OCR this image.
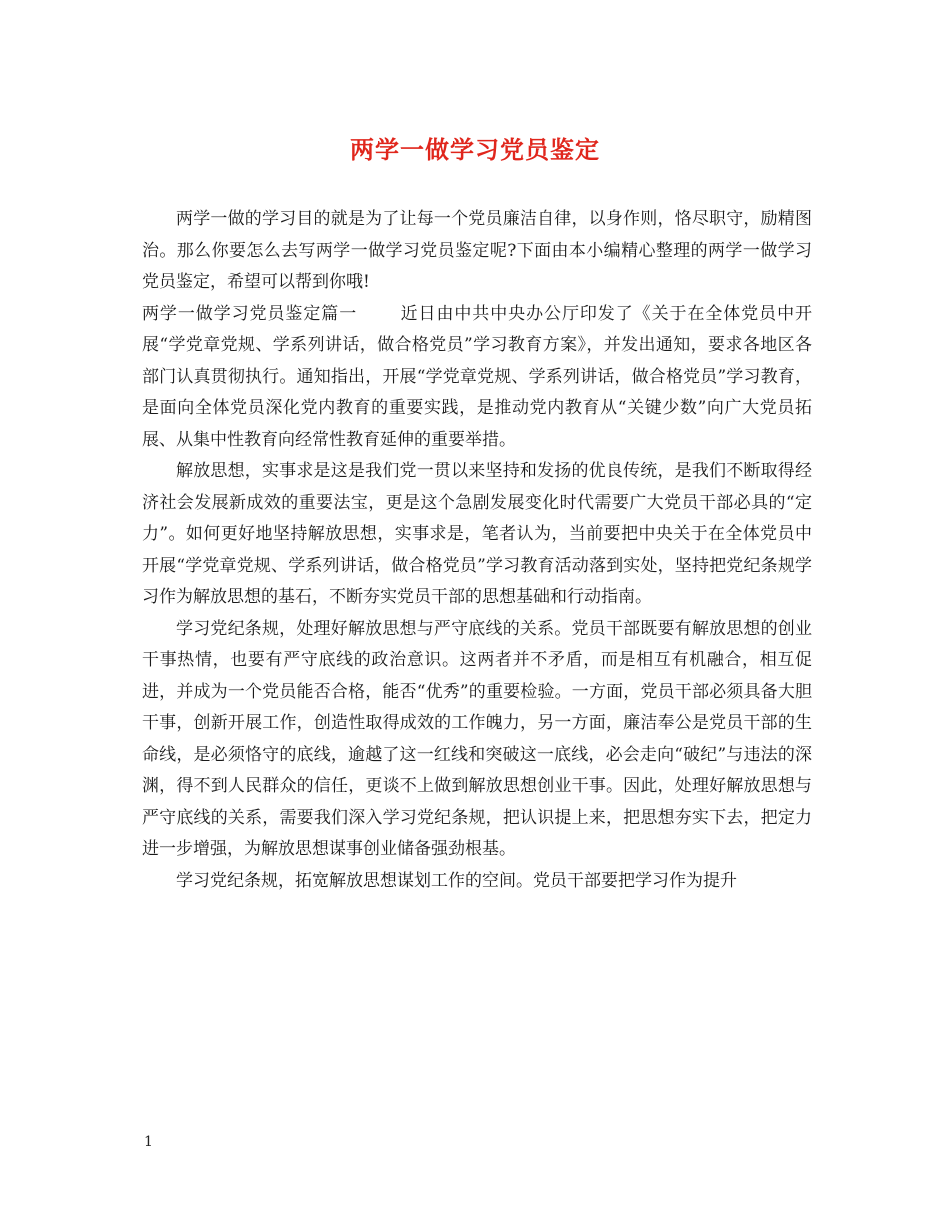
两学一做学习党员鉴定

两学一做的学习目的就是为了让每一个党员廉洁自律，以身作则，恪尽职守，励精图治。那么你要怎么去写两学一做学习党员鉴定呢?下面由本小编精心整理的两学一做学习党员鉴定，希望可以帮到你哦!

两学一做学习党员鉴定篇一	近日由中共中央办公厅印发了《关于在全体党员中开展“学党章党规、学系列讲话，做合格党员”学习教育方案》，并发出通知，要求各地区各部门认真贯彻执行。通知指出，开展“学党章党规、学系列讲话，做合格党员”学习教育，是面向全体党员深化党内教育的重要实践，是推动党内教育从“关键少数”向广大党员拓展、从集中性教育向经常性教育延伸的重要举措。

解放思想，实事求是这是我们党一贯以来坚持和发扬的优良传统，是我们不断取得经济社会发展新成效的重要法宝，更是这个急剧发展变化时代需要广大党员干部必具的“定力”。如何更好地坚持解放思想，实事求是，笔者认为，当前要把中央关于在全体党员中开展“学党章党规、学系列讲话，做合格党员”学习教育活动落到实处，坚持把党纪条规学习作为解放思想的基石，不断夯实党员干部的思想基础和行动指南。

学习党纪条规，处理好解放思想与严守底线的关系。党员干部既要有解放思想的创业干事热情，也要有严守底线的政治意识。这两者并不矛盾，而是相互有机融合，相互促进，并成为一个党员能否合格，能否“优秀”的重要检验。一方面，党员干部必须具备大胆干事，创新开展工作，创造性取得成效的工作魄力，另一方面，廉洁奉公是党员干部的生命线，是必须恪守的底线，逾越了这一红线和突破这一底线，必会走向“破纪”与违法的深渊，得不到人民群众的信任，更谈不上做到解放思想创业干事。因此，处理好解放思想与严守底线的关系，需要我们深入学习党纪条规，把认识提上来，把思想夯实下去，把定力进一步增强，为解放思想谋事创业储备强劲根基。

学习党纪条规，拓宽解放思想谋划工作的空间。党员干部要把学习作为提升

1
